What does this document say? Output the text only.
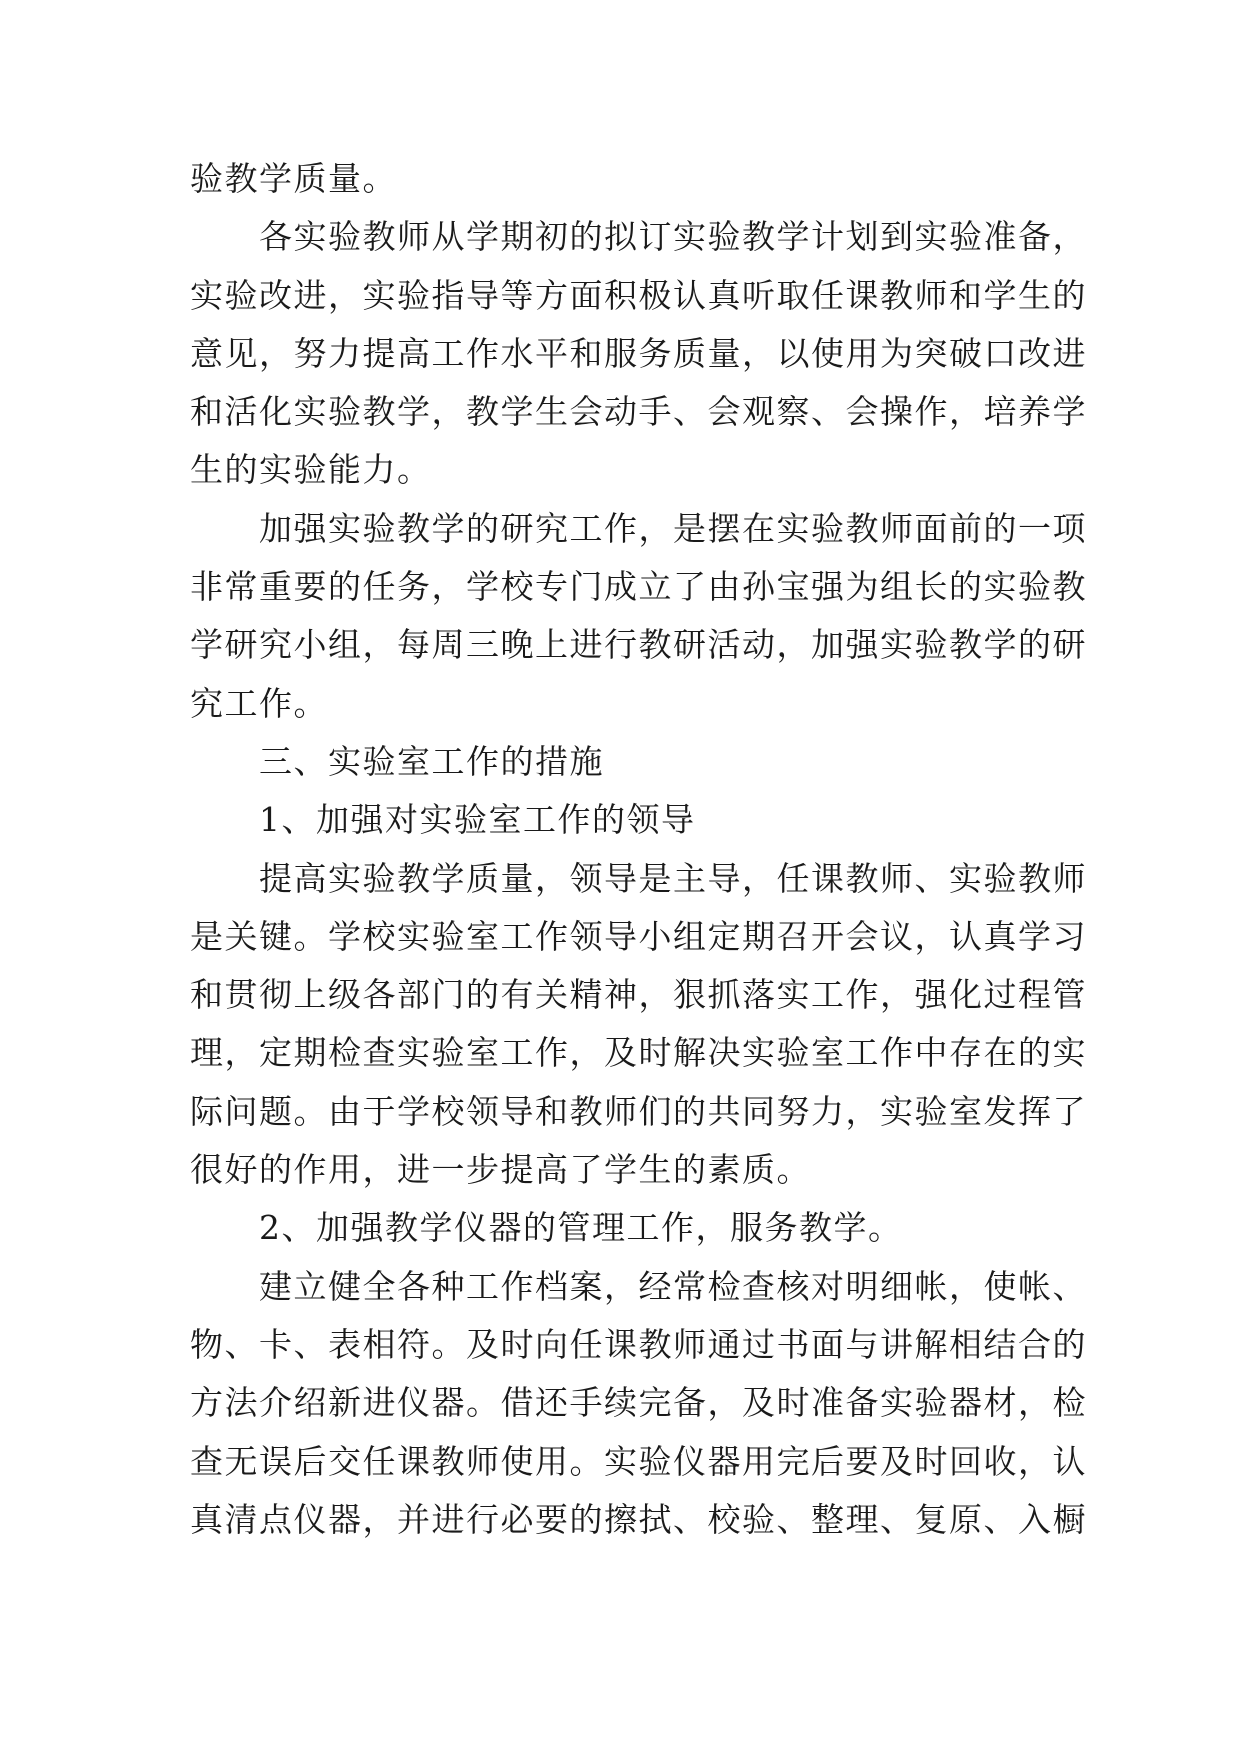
验教学质量。
　　各实验教师从学期初的拟订实验教学计划到实验准备，
实验改进，实验指导等方面积极认真听取任课教师和学生的
意见，努力提高工作水平和服务质量，以使用为突破口改进
和活化实验教学，教学生会动手、会观察、会操作，培养学
生的实验能力。
　　加强实验教学的研究工作，是摆在实验教师面前的一项
非常重要的任务，学校专门成立了由孙宝强为组长的实验教
学研究小组，每周三晚上进行教研活动，加强实验教学的研
究工作。
　　三、实验室工作的措施
　　1、加强对实验室工作的领导
　　提高实验教学质量，领导是主导，任课教师、实验教师
是关键。学校实验室工作领导小组定期召开会议，认真学习
和贯彻上级各部门的有关精神，狠抓落实工作，强化过程管
理，定期检查实验室工作，及时解决实验室工作中存在的实
际问题。由于学校领导和教师们的共同努力，实验室发挥了
很好的作用，进一步提高了学生的素质。
　　2、加强教学仪器的管理工作，服务教学。
　　建立健全各种工作档案，经常检查核对明细帐，使帐、
物、卡、表相符。及时向任课教师通过书面与讲解相结合的
方法介绍新进仪器。借还手续完备，及时准备实验器材，检
查无误后交任课教师使用。实验仪器用完后要及时回收，认
真清点仪器，并进行必要的擦拭、校验、整理、复原、入橱
